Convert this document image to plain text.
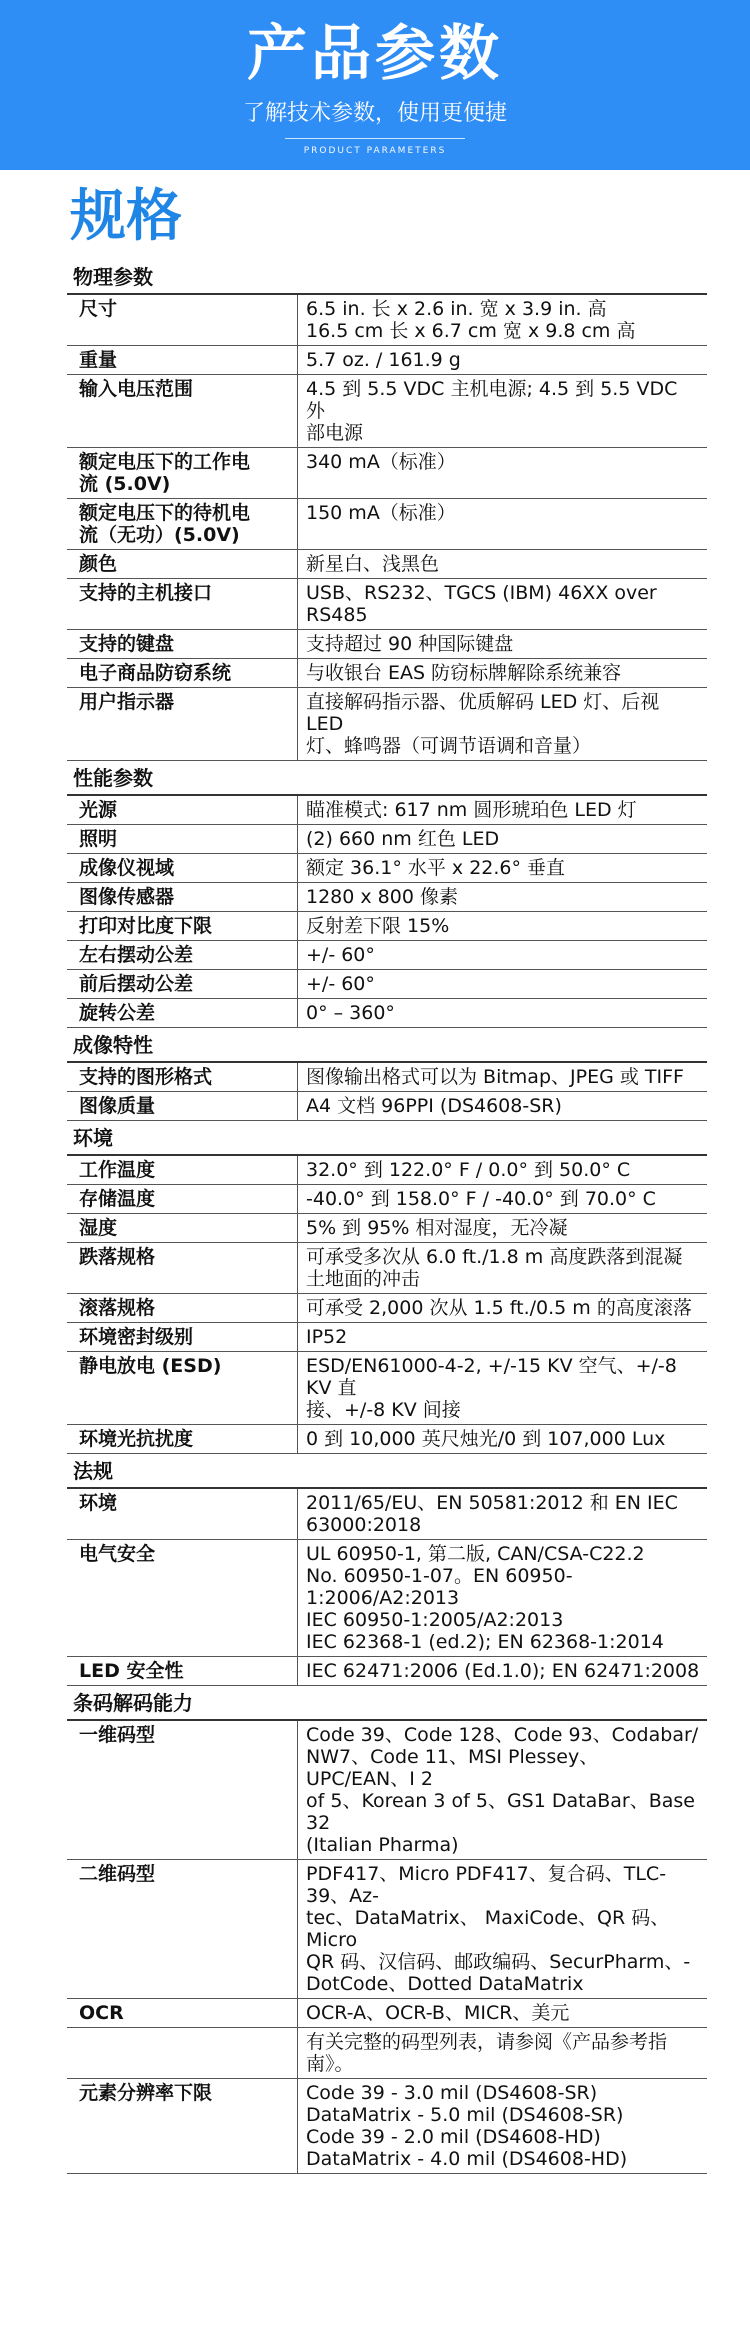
产品参数
了解技术参数，使用更便捷
PRODUCT PARAMETERS
规格
物理参数	
尺寸	6.5 in. 长 x 2.6 in. 宽 x 3.9 in. 高
16.5 cm 长 x 6.7 cm 宽 x 9.8 cm 高
重量	5.7 oz. / 161.9 g
输入电压范围	4.5 到 5.5 VDC 主机电源; 4.5 到 5.5 VDC 外
部电源
额定电压下的工作电
流 (5.0V)	340 mA（标准）
额定电压下的待机电
流（无功）(5.0V)	150 mA（标准）
颜色	新星白、浅黑色
支持的主机接口	USB、RS232、TGCS (IBM) 46XX over RS485
支持的键盘	支持超过 90 种国际键盘
电子商品防窃系统	与收银台 EAS 防窃标牌解除系统兼容
用户指示器	直接解码指示器、优质解码 LED 灯、后视 LED
灯、蜂鸣器（可调节语调和音量）
性能参数	
光源	瞄准模式: 617 nm 圆形琥珀色 LED 灯
照明	(2) 660 nm 红色 LED
成像仪视域	额定 36.1° 水平 x 22.6° 垂直
图像传感器	1280 x 800 像素
打印对比度下限	反射差下限 15%
左右摆动公差	+/- 60°
前后摆动公差	+/- 60°
旋转公差	0° – 360°
成像特性	
支持的图形格式	图像输出格式可以为 Bitmap、JPEG 或 TIFF
图像质量	A4 文档 96PPI (DS4608-SR)
环境	
工作温度	32.0° 到 122.0° F / 0.0° 到 50.0° C
存储温度	-40.0° 到 158.0° F / -40.0° 到 70.0° C
湿度	5% 到 95% 相对湿度，无冷凝
跌落规格	可承受多次从 6.0 ft./1.8 m 高度跌落到混凝
土地面的冲击
滚落规格	可承受 2,000 次从 1.5 ft./0.5 m 的高度滚落
环境密封级别	IP52
静电放电 (ESD)	ESD/EN61000-4-2, +/-15 KV 空气、+/-8 KV 直
接、+/-8 KV 间接
环境光抗扰度	0 到 10,000 英尺烛光/0 到 107,000 Lux
法规	
环境	2011/65/EU、EN 50581:2012 和 EN IEC
63000:2018
电气安全	UL 60950-1, 第二版, CAN/CSA-C22.2
No. 60950-1-07。EN 60950-1:2006/A2:2013
IEC 60950-1:2005/A2:2013
IEC 62368-1 (ed.2); EN 62368-1:2014
LED 安全性	IEC 62471:2006 (Ed.1.0); EN 62471:2008
条码解码能力	
一维码型	Code 39、Code 128、Code 93、Codabar/
NW7、Code 11、MSI Plessey、UPC/EAN、I 2
of 5、Korean 3 of 5、GS1 DataBar、Base 32
(Italian Pharma)
二维码型	PDF417、Micro PDF417、复合码、TLC-39、Az-
tec、DataMatrix、 MaxiCode、QR 码、Micro
QR 码、汉信码、邮政编码、SecurPharm、-
DotCode、Dotted DataMatrix
OCR	OCR-A、OCR-B、MICR、美元
	有关完整的码型列表，请参阅《产品参考指
南》。
元素分辨率下限	Code 39 - 3.0 mil (DS4608-SR)
DataMatrix - 5.0 mil (DS4608-SR)
Code 39 - 2.0 mil (DS4608-HD)
DataMatrix - 4.0 mil (DS4608-HD)
